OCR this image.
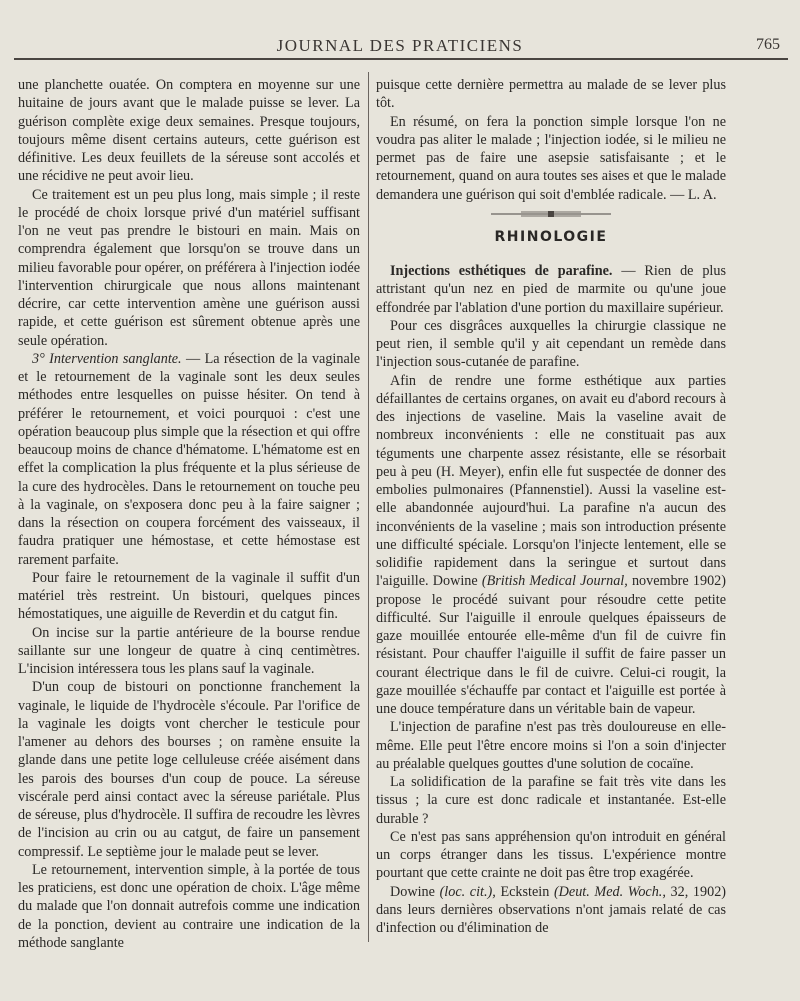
JOURNAL DES PRATICIENS	765

une planchette ouatée. On comptera en moyenne sur une huitaine de jours avant que le malade puisse se lever. La guérison complète exige deux semaines. Presque toujours, toujours même disent certains auteurs, cette guérison est définitive. Les deux feuillets de la séreuse sont accolés et une récidive ne peut avoir lieu.

Ce traitement est un peu plus long, mais simple ; il reste le procédé de choix lorsque privé d'un matériel suffisant l'on ne veut pas prendre le bistouri en main. Mais on comprendra également que lorsqu'on se trouve dans un milieu favorable pour opérer, on préférera à l'injection iodée l'intervention chirurgicale que nous allons maintenant décrire, car cette intervention amène une guérison aussi rapide, et cette guérison est sûrement obtenue après une seule opération.

3° Intervention sanglante. — La résection de la vaginale et le retournement de la vaginale sont les deux seules méthodes entre lesquelles on puisse hésiter. On tend à préférer le retournement, et voici pourquoi : c'est une opération beaucoup plus simple que la résection et qui offre beaucoup moins de chance d'hématome. L'hématome est en effet la complication la plus fréquente et la plus sérieuse de la cure des hydrocèles. Dans le retournement on touche peu à la vaginale, on s'exposera donc peu à la faire saigner ; dans la résection on coupera forcément des vaisseaux, il faudra pratiquer une hémostase, et cette hémostase est rarement parfaite.

Pour faire le retournement de la vaginale il suffit d'un matériel très restreint. Un bistouri, quelques pinces hémostatiques, une aiguille de Reverdin et du catgut fin.

On incise sur la partie antérieure de la bourse rendue saillante sur une longeur de quatre à cinq centimètres. L'incision intéressera tous les plans sauf la vaginale.

D'un coup de bistouri on ponctionne franchement la vaginale, le liquide de l'hydrocèle s'écoule. Par l'orifice de la vaginale les doigts vont chercher le testicule pour l'amener au dehors des bourses ; on ramène ensuite la glande dans une petite loge celluleuse créée aisément dans les parois des bourses d'un coup de pouce. La séreuse viscérale perd ainsi contact avec la séreuse pariétale. Plus de séreuse, plus d'hydrocèle. Il suffira de recoudre les lèvres de l'incision au crin ou au catgut, de faire un pansement compressif. Le septième jour le malade peut se lever.

Le retournement, intervention simple, à la portée de tous les praticiens, est donc une opération de choix. L'âge même du malade que l'on donnait autrefois comme une indication de la ponction, devient au contraire une indication de la méthode sanglante

puisque cette dernière permettra au malade de se lever plus tôt.

En résumé, on fera la ponction simple lorsque l'on ne voudra pas aliter le malade ; l'injection iodée, si le milieu ne permet pas de faire une asepsie satisfaisante ; et le retournement, quand on aura toutes ses aises et que le malade demandera une guérison qui soit d'emblée radicale. — L. A.

RHINOLOGIE

Injections esthétiques de parafine. — Rien de plus attristant qu'un nez en pied de marmite ou qu'une joue effondrée par l'ablation d'une portion du maxillaire supérieur.

Pour ces disgrâces auxquelles la chirurgie classique ne peut rien, il semble qu'il y ait cependant un remède dans l'injection sous-cutanée de parafine.

Afin de rendre une forme esthétique aux parties défaillantes de certains organes, on avait eu d'abord recours à des injections de vaseline. Mais la vaseline avait de nombreux inconvénients : elle ne constituait pas aux téguments une charpente assez résistante, elle se résorbait peu à peu (H. Meyer), enfin elle fut suspectée de donner des embolies pulmonaires (Pfannenstiel). Aussi la vaseline est-elle abandonnée aujourd'hui. La parafine n'a aucun des inconvénients de la vaseline ; mais son introduction présente une difficulté spéciale. Lorsqu'on l'injecte lentement, elle se solidifie rapidement dans la seringue et surtout dans l'aiguille. Dowine (British Medical Journal, novembre 1902) propose le procédé suivant pour résoudre cette petite difficulté. Sur l'aiguille il enroule quelques épaisseurs de gaze mouillée entourée elle-même d'un fil de cuivre fin résistant. Pour chauffer l'aiguille il suffit de faire passer un courant électrique dans le fil de cuivre. Celui-ci rougit, la gaze mouillée s'échauffe par contact et l'aiguille est portée à une douce température dans un véritable bain de vapeur.

L'injection de parafine n'est pas très douloureuse en elle-même. Elle peut l'être encore moins si l'on a soin d'injecter au préalable quelques gouttes d'une solution de cocaïne.

La solidification de la parafine se fait très vite dans les tissus ; la cure est donc radicale et instantanée. Est-elle durable ?

Ce n'est pas sans appréhension qu'on introduit en général un corps étranger dans les tissus. L'expérience montre pourtant que cette crainte ne doit pas être trop exagérée.

Dowine (loc. cit.), Eckstein (Deut. Med. Woch., 32, 1902) dans leurs dernières observations n'ont jamais relaté de cas d'infection ou d'élimination de
